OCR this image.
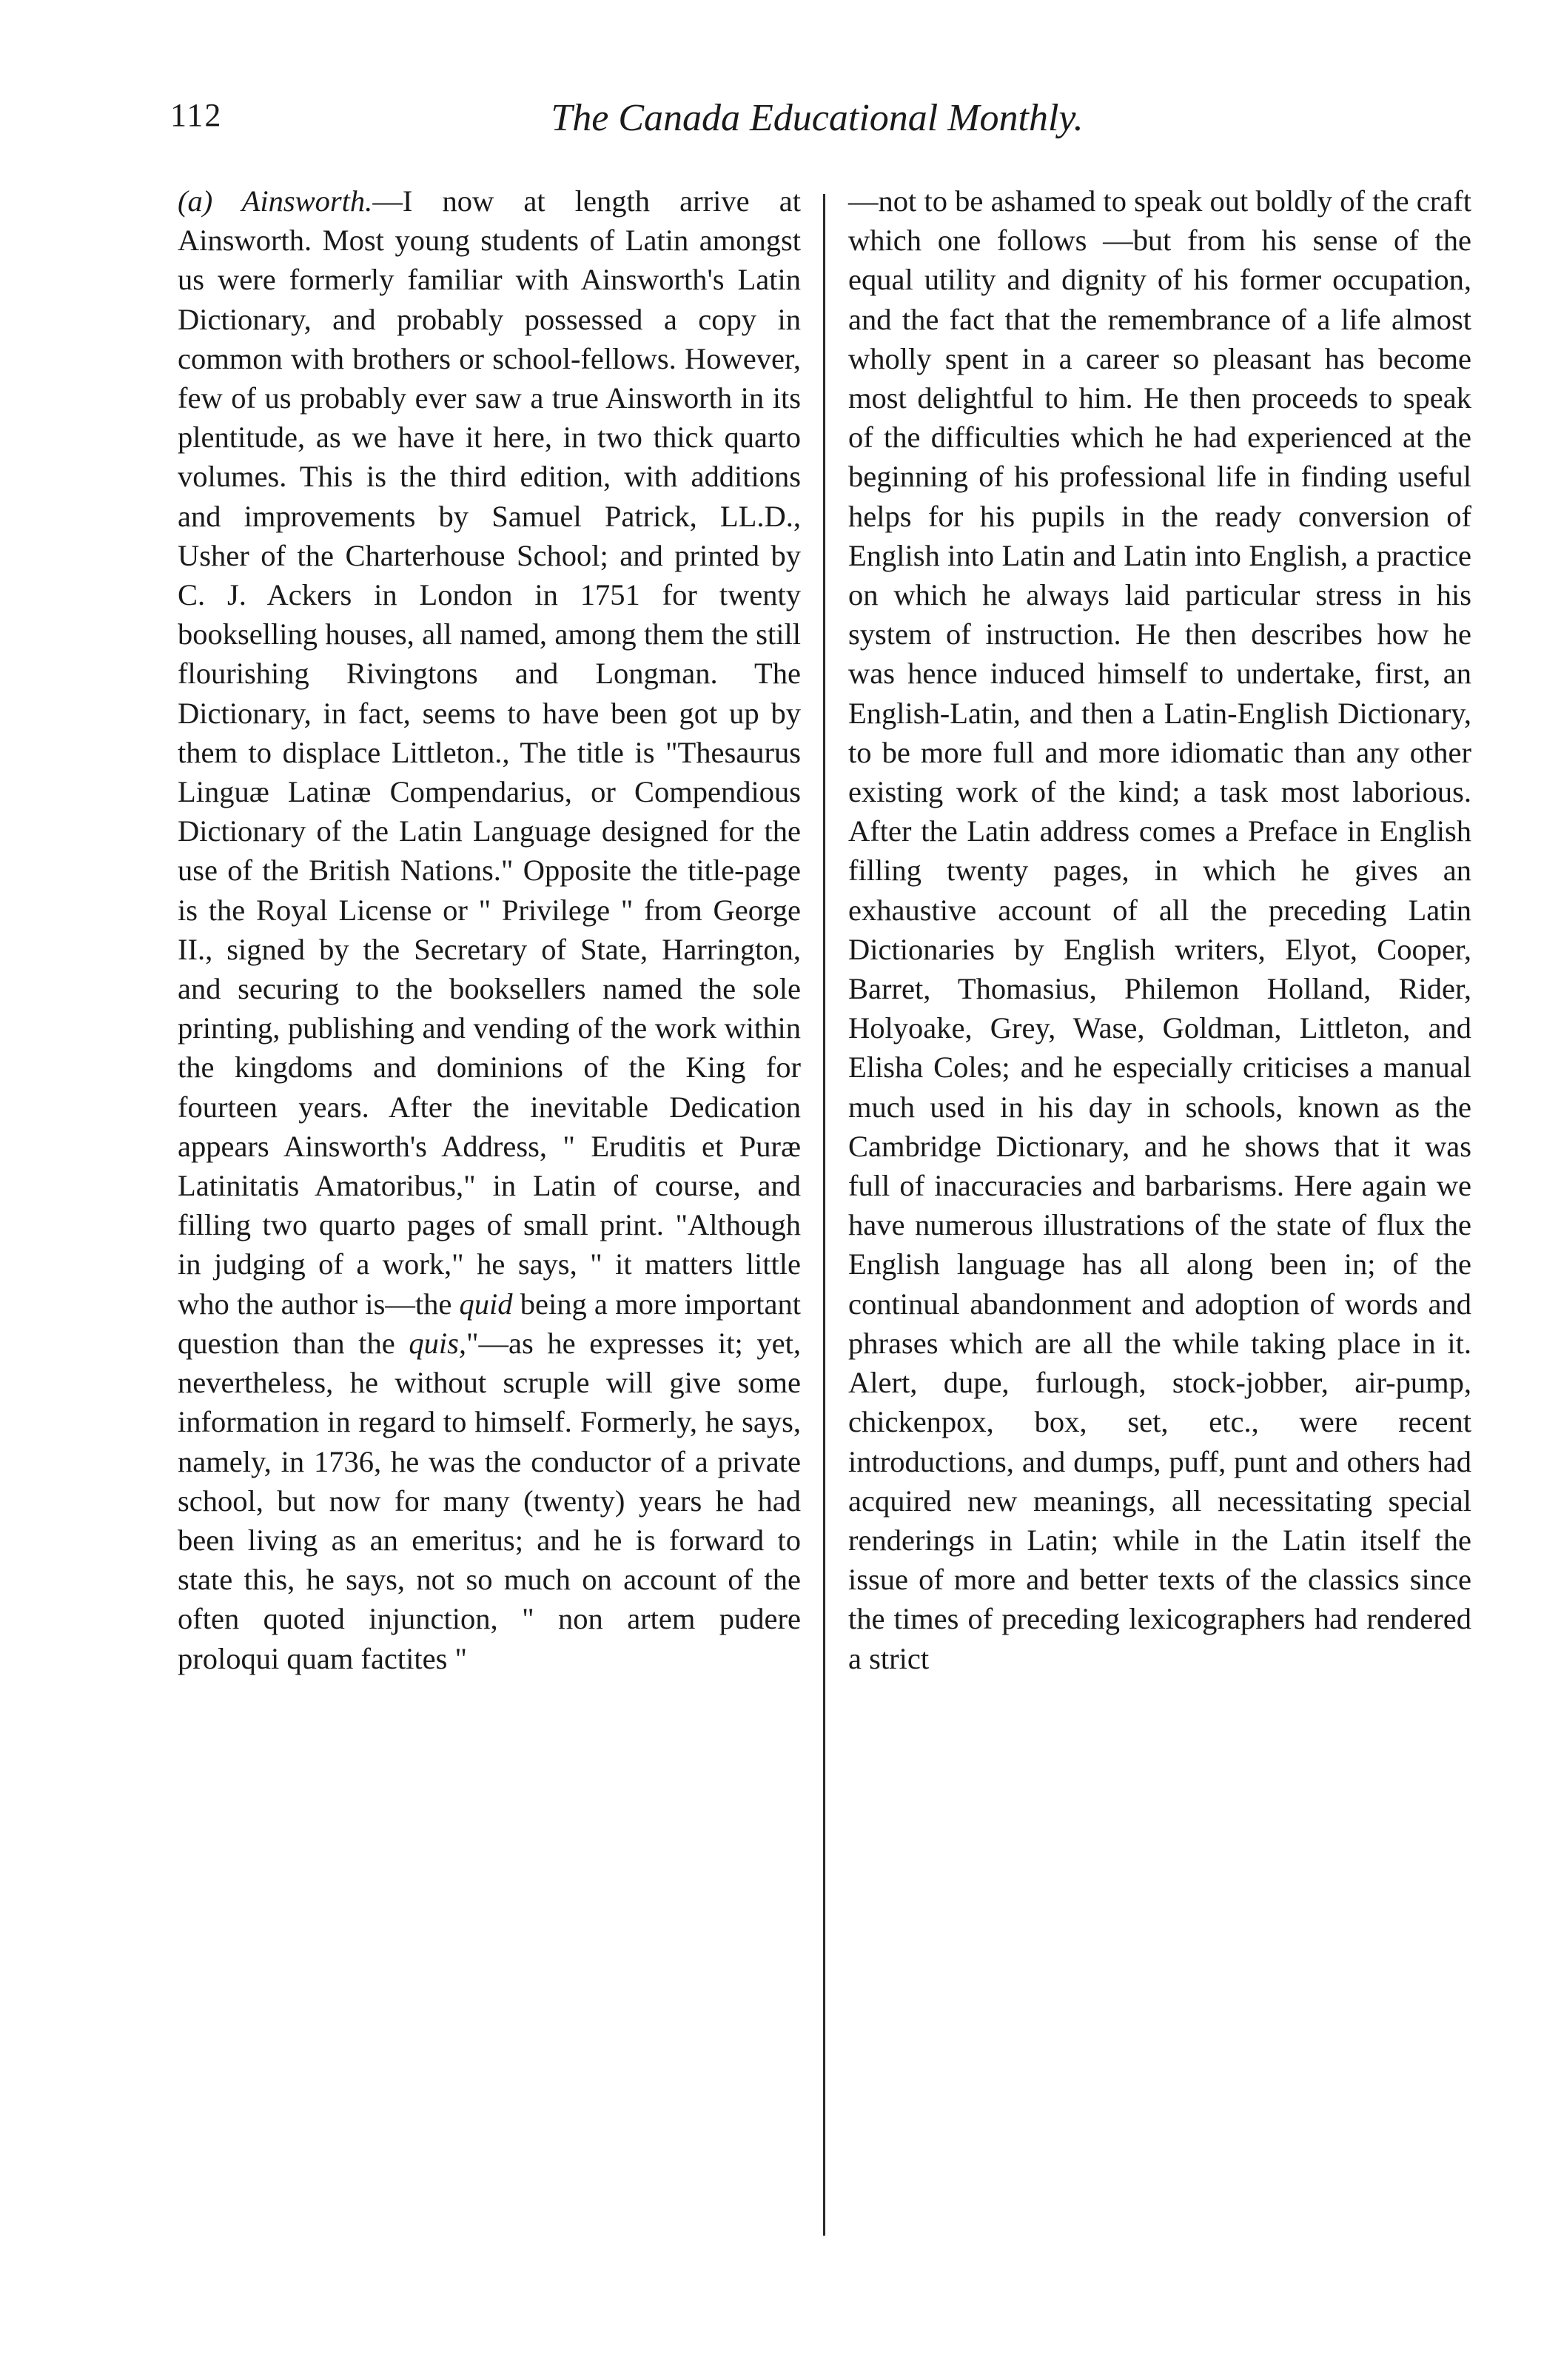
112	The Canada Educational Monthly.

(a) Ainsworth.—I now at length arrive at Ainsworth. Most young students of Latin amongst us were formerly familiar with Ainsworth's Latin Dictionary, and probably possessed a copy in common with brothers or school-fellows. However, few of us probably ever saw a true Ainsworth in its plentitude, as we have it here, in two thick quarto volumes. This is the third edition, with additions and improvements by Samuel Patrick, LL.D., Usher of the Charterhouse School; and printed by C. J. Ackers in London in 1751 for twenty bookselling houses, all named, among them the still flourishing Rivingtons and Longman. The Dictionary, in fact, seems to have been got up by them to displace Littleton., The title is "Thesaurus Linguæ Latinæ Compendarius, or Compendious Dictionary of the Latin Language designed for the use of the British Nations." Opposite the title-page is the Royal License or " Privilege " from George II., signed by the Secretary of State, Harrington, and securing to the booksellers named the sole printing, publishing and vending of the work within the kingdoms and dominions of the King for fourteen years. After the inevitable Dedication appears Ainsworth's Address, " Eruditis et Puræ Latinitatis Amatoribus," in Latin of course, and filling two quarto pages of small print. "Although in judging of a work," he says, " it matters little who the author is—the quid being a more important question than the quis,"—as he expresses it; yet, nevertheless, he without scruple will give some information in regard to himself. Formerly, he says, namely, in 1736, he was the conductor of a private school, but now for many (twenty) years he had been living as an emeritus; and he is forward to state this, he says, not so much on account of the often quoted injunction, " non artem pudere proloqui quam factites "

—not to be ashamed to speak out boldly of the craft which one follows —but from his sense of the equal utility and dignity of his former occupation, and the fact that the remembrance of a life almost wholly spent in a career so pleasant has become most delightful to him. He then proceeds to speak of the difficulties which he had experienced at the beginning of his professional life in finding useful helps for his pupils in the ready conversion of English into Latin and Latin into English, a practice on which he always laid particular stress in his system of instruction. He then describes how he was hence induced himself to undertake, first, an English-Latin, and then a Latin-English Dictionary, to be more full and more idiomatic than any other existing work of the kind; a task most laborious. After the Latin address comes a Preface in English filling twenty pages, in which he gives an exhaustive account of all the preceding Latin Dictionaries by English writers, Elyot, Cooper, Barret, Thomasius, Philemon Holland, Rider, Holyoake, Grey, Wase, Goldman, Littleton, and Elisha Coles; and he especially criticises a manual much used in his day in schools, known as the Cambridge Dictionary, and he shows that it was full of inaccuracies and barbarisms. Here again we have numerous illustrations of the state of flux the English language has all along been in; of the continual abandonment and adoption of words and phrases which are all the while taking place in it. Alert, dupe, furlough, stock-jobber, air-pump, chickenpox, box, set, etc., were recent introductions, and dumps, puff, punt and others had acquired new meanings, all necessitating special renderings in Latin; while in the Latin itself the issue of more and better texts of the classics since the times of preceding lexicographers had rendered a strict
